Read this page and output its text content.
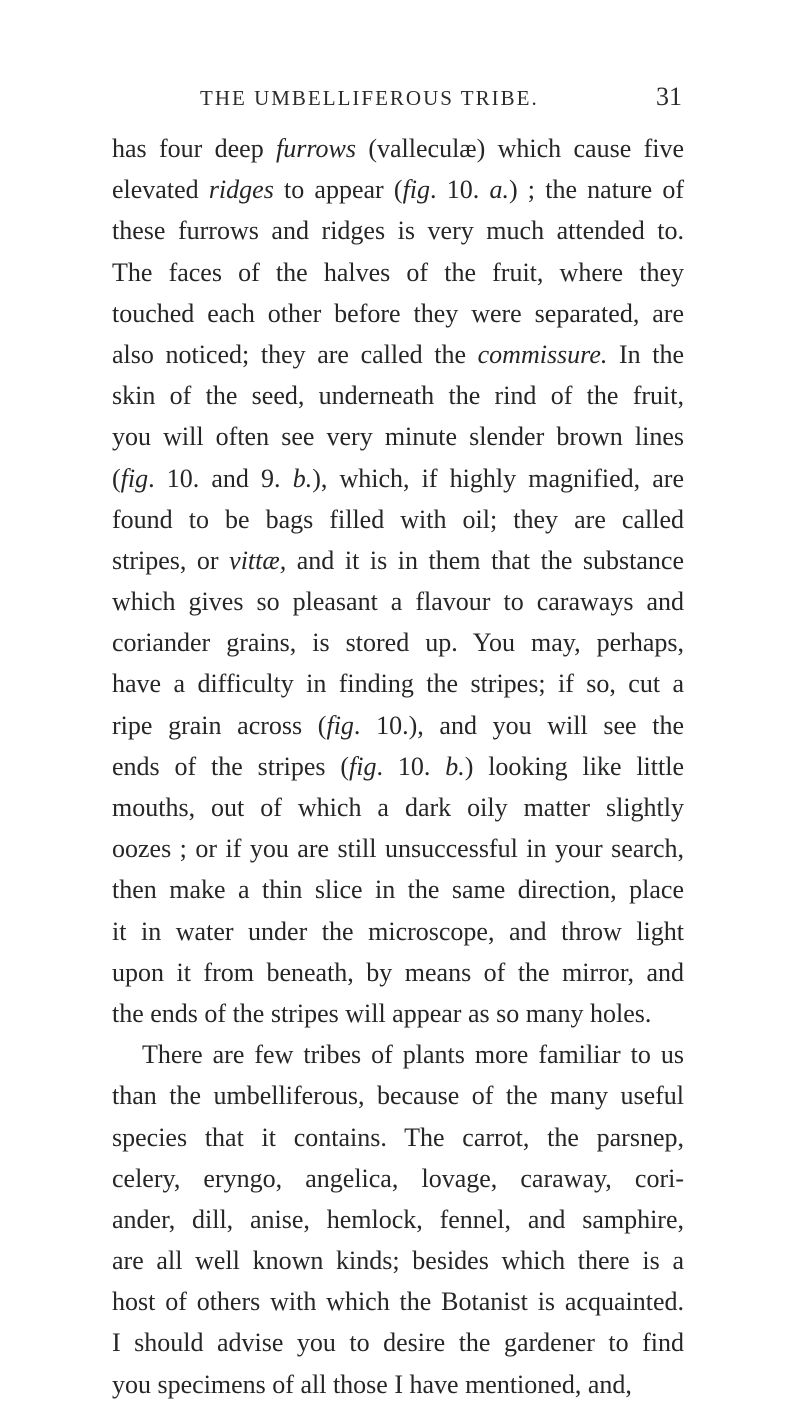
THE UMBELLIFEROUS TRIBE.	31
has four deep furrows (valleculæ) which cause five
elevated ridges to appear (fig. 10. a.) ; the nature of
these furrows and ridges is very much attended to.
The faces of the halves of the fruit, where they
touched each other before they were separated, are
also noticed; they are called the commissure. In the
skin of the seed, underneath the rind of the fruit,
you will often see very minute slender brown lines
(fig. 10. and 9. b.), which, if highly magnified, are
found to be bags filled with oil; they are called
stripes, or vittæ, and it is in them that the substance
which gives so pleasant a flavour to caraways and
coriander grains, is stored up. You may, perhaps,
have a difficulty in finding the stripes; if so, cut a
ripe grain across (fig. 10.), and you will see the
ends of the stripes (fig. 10. b.) looking like little
mouths, out of which a dark oily matter slightly
oozes ; or if you are still unsuccessful in your search,
then make a thin slice in the same direction, place
it in water under the microscope, and throw light
upon it from beneath, by means of the mirror, and
the ends of the stripes will appear as so many holes.
There are few tribes of plants more familiar to us
than the umbelliferous, because of the many useful
species that it contains. The carrot, the parsnep,
celery, eryngo, angelica, lovage, caraway, cori-
ander, dill, anise, hemlock, fennel, and samphire,
are all well known kinds; besides which there is a
host of others with which the Botanist is acquainted.
I should advise you to desire the gardener to find
you specimens of all those I have mentioned, and,
